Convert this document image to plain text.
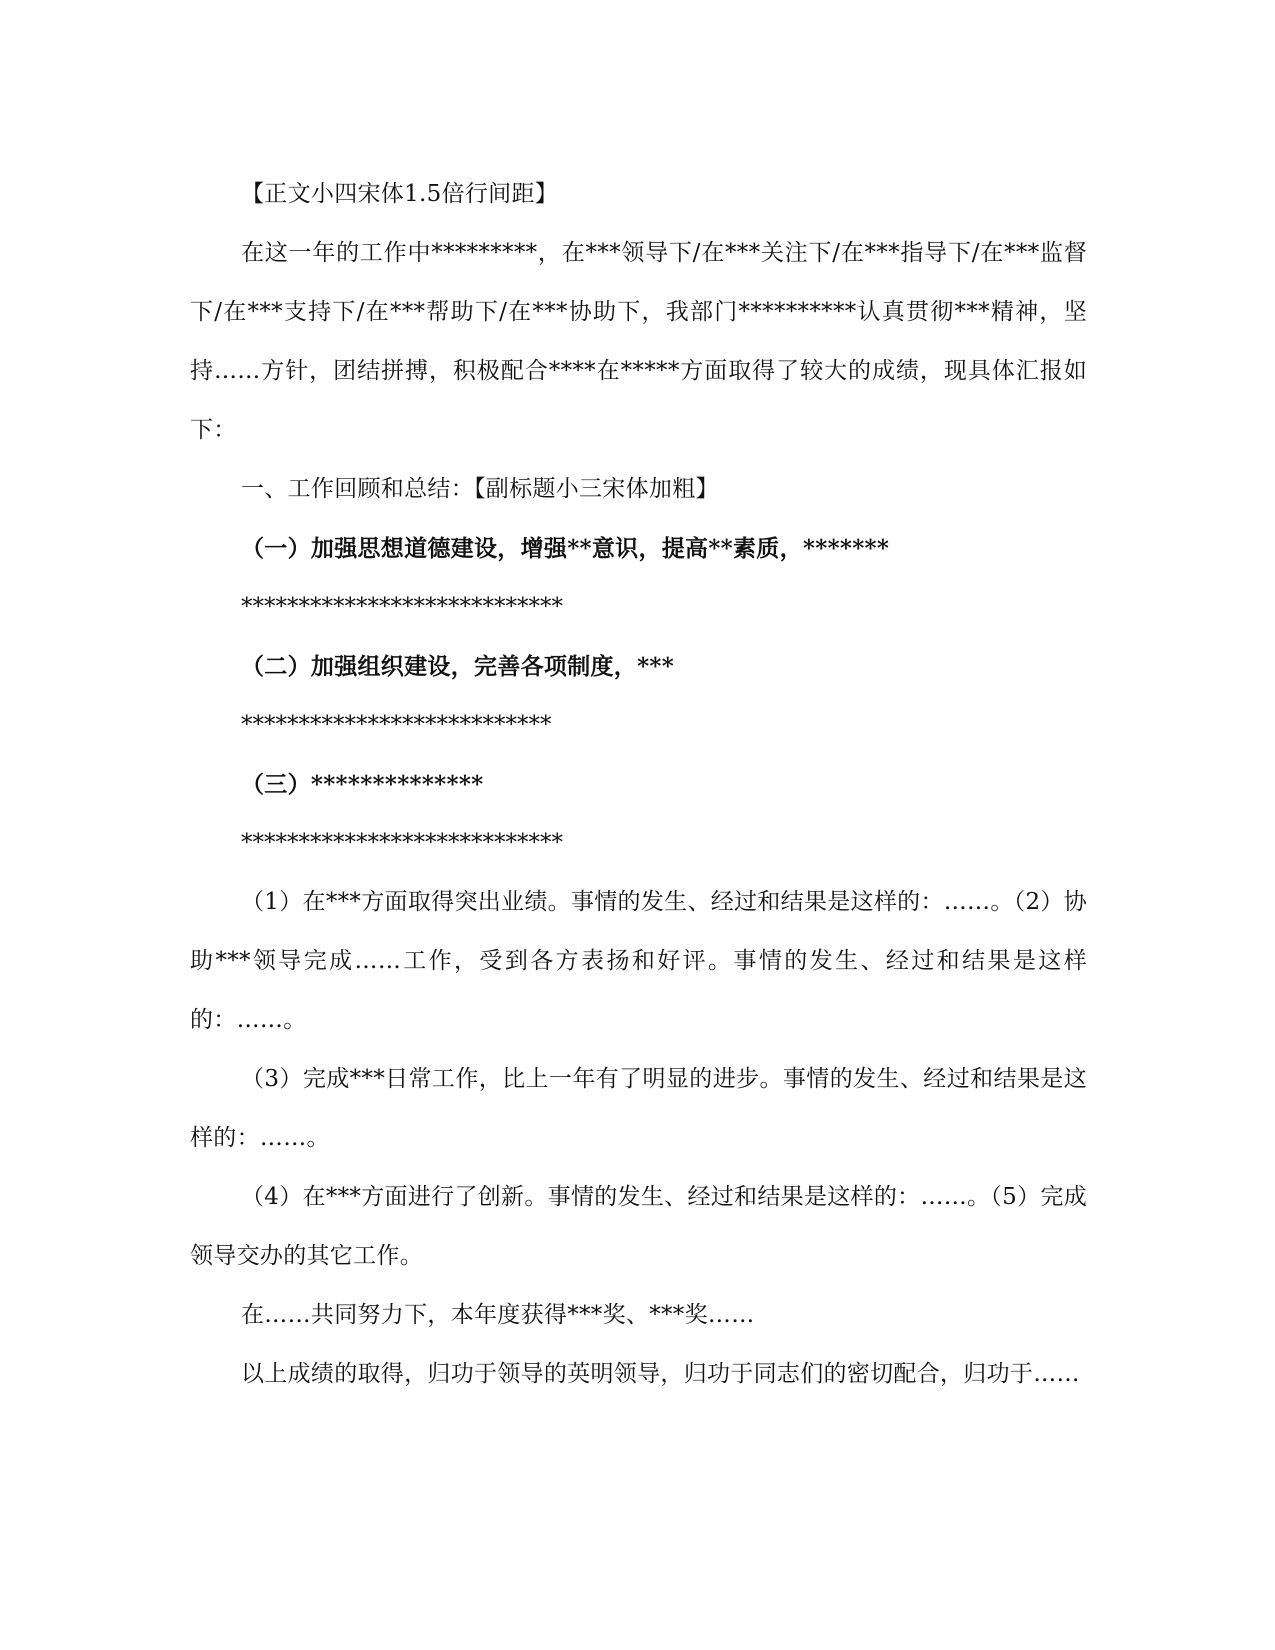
【正文小四宋体1.5倍行间距】

在这一年的工作中*********，在***领导下/在***关注下/在***指导下/在***监督下/在***支持下/在***帮助下/在***协助下，我部门**********认真贯彻***精神，坚持……方针，团结拼搏，积极配合****在*****方面取得了较大的成绩，现具体汇报如下：

一、工作回顾和总结：【副标题小三宋体加粗】

（一）加强思想道德建设，增强**意识，提高**素质，*******

****************************

（二）加强组织建设，完善各项制度，***

***************************

（三）**************

****************************

（1）在***方面取得突出业绩。事情的发生、经过和结果是这样的：……。（2）协助***领导完成……工作，受到各方表扬和好评。事情的发生、经过和结果是这样的：……。

（3）完成***日常工作，比上一年有了明显的进步。事情的发生、经过和结果是这样的：……。

（4）在***方面进行了创新。事情的发生、经过和结果是这样的：……。（5）完成领导交办的其它工作。

在……共同努力下，本年度获得***奖、***奖……

以上成绩的取得，归功于领导的英明领导，归功于同志们的密切配合，归功于……
